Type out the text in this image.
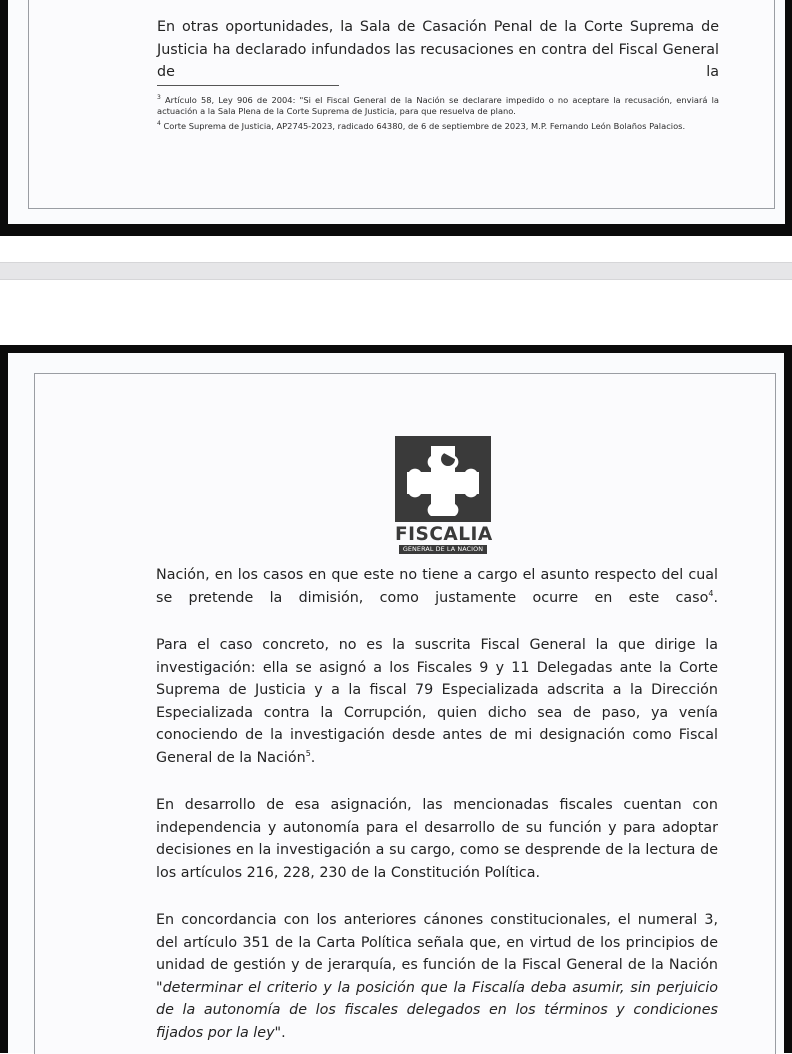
En otras oportunidades, la Sala de Casación Penal de la Corte Suprema de Justicia ha declarado infundados las recusaciones en contra del Fiscal General de la

$^3$ Artículo 58, Ley 906 de 2004: "Si el Fiscal General de la Nación se declarare impedido o no aceptare la recusación, enviará la actuación a la Sala Plena de la Corte Suprema de Justicia, para que resuelva de plano.

$^4$ Corte Suprema de Justicia, AP2745-2023, radicado 64380, de 6 de septiembre de 2023, M.P. Fernando León Bolaños Palacios.

FISCALIA
GENERAL DE LA NACION

Nación, en los casos en que este no tiene a cargo el asunto respecto del cual se pretende la dimisión, como justamente ocurre en este caso$^4$.

Para el caso concreto, no es la suscrita Fiscal General la que dirige la investigación: ella se asignó a los Fiscales 9 y 11 Delegadas ante la Corte Suprema de Justicia y a la fiscal 79 Especializada adscrita a la Dirección Especializada contra la Corrupción, quien dicho sea de paso, ya venía conociendo de la investigación desde antes de mi designación como Fiscal General de la Nación$^5$.

En desarrollo de esa asignación, las mencionadas fiscales cuentan con independencia y autonomía para el desarrollo de su función y para adoptar decisiones en la investigación a su cargo, como se desprende de la lectura de los artículos 216, 228, 230 de la Constitución Política.

En concordancia con los anteriores cánones constitucionales, el numeral 3, del artículo 351 de la Carta Política señala que, en virtud de los principios de unidad de gestión y de jerarquía, es función de la Fiscal General de la Nación "determinar el criterio y la posición que la Fiscalía deba asumir, sin perjuicio de la autonomía de los fiscales delegados en los términos y condiciones fijados por la ley".
